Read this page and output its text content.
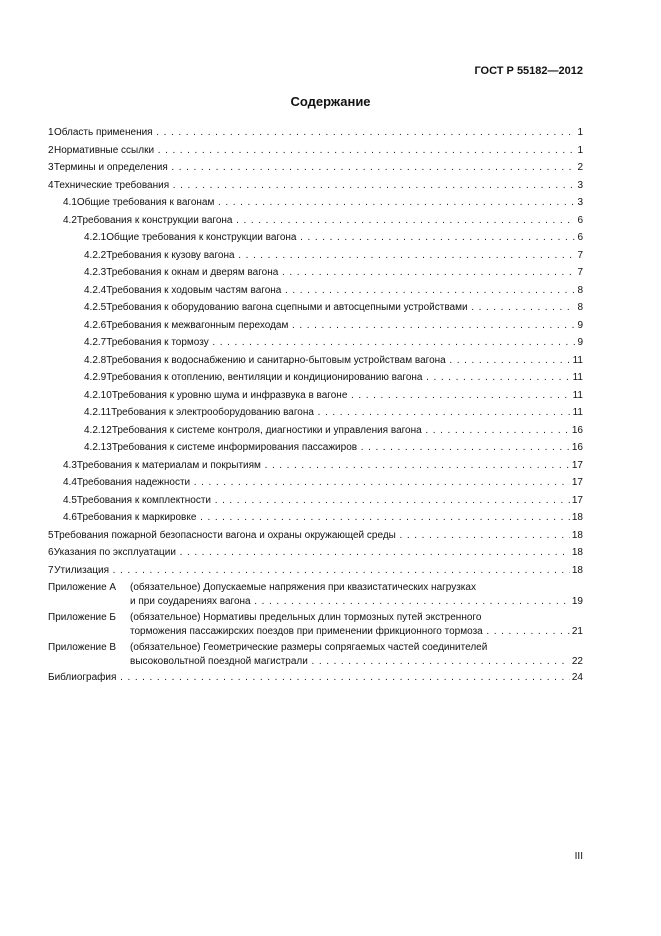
ГОСТ Р 55182—2012
Содержание
1 Область применения . . .	1
2 Нормативные ссылки . . .	1
3 Термины и определения . . .	2
4 Технические требования . . .	3
4.1 Общие требования к вагонам . . .	3
4.2 Требования к конструкции вагона . . .	6
4.2.1 Общие требования к конструкции вагона . . .	6
4.2.2 Требования к кузову вагона . . .	7
4.2.3 Требования к окнам и дверям вагона . . .	7
4.2.4 Требования к ходовым частям вагона . . .	8
4.2.5 Требования к оборудованию вагона сцепными и автосцепными устройствами . . .	8
4.2.6 Требования к межвагонным переходам . . .	9
4.2.7 Требования к тормозу . . .	9
4.2.8 Требования к водоснабжению и санитарно-бытовым устройствам вагона . . .	11
4.2.9 Требования к отоплению, вентиляции и кондиционированию вагона . . .	11
4.2.10 Требования к уровню шума и инфразвука в вагоне . . .	11
4.2.11 Требования к электрооборудованию вагона . . .	11
4.2.12 Требования к системе контроля, диагностики и управления вагона . . .	16
4.2.13 Требования к системе информирования пассажиров . . .	16
4.3 Требования к материалам и покрытиям . . .	17
4.4 Требования надежности . . .	17
4.5 Требования к комплектности . . .	17
4.6 Требования к маркировке . . .	18
5 Требования пожарной безопасности вагона и охраны окружающей среды . . .	18
6 Указания по эксплуатации . . .	18
7 Утилизация . . .	18
Приложение А	(обязательное) Допускаемые напряжения при квазистатических нагрузках
и при соударениях вагона . . .	19
Приложение Б	(обязательное) Нормативы предельных длин тормозных путей экстренного
торможения пассажирских поездов при применении фрикционного тормоза . . .	21
Приложение В	(обязательное) Геометрические размеры сопрягаемых частей соединителей
высоковольтной поездной магистрали . . .	22
Библиография . . .	24
III
